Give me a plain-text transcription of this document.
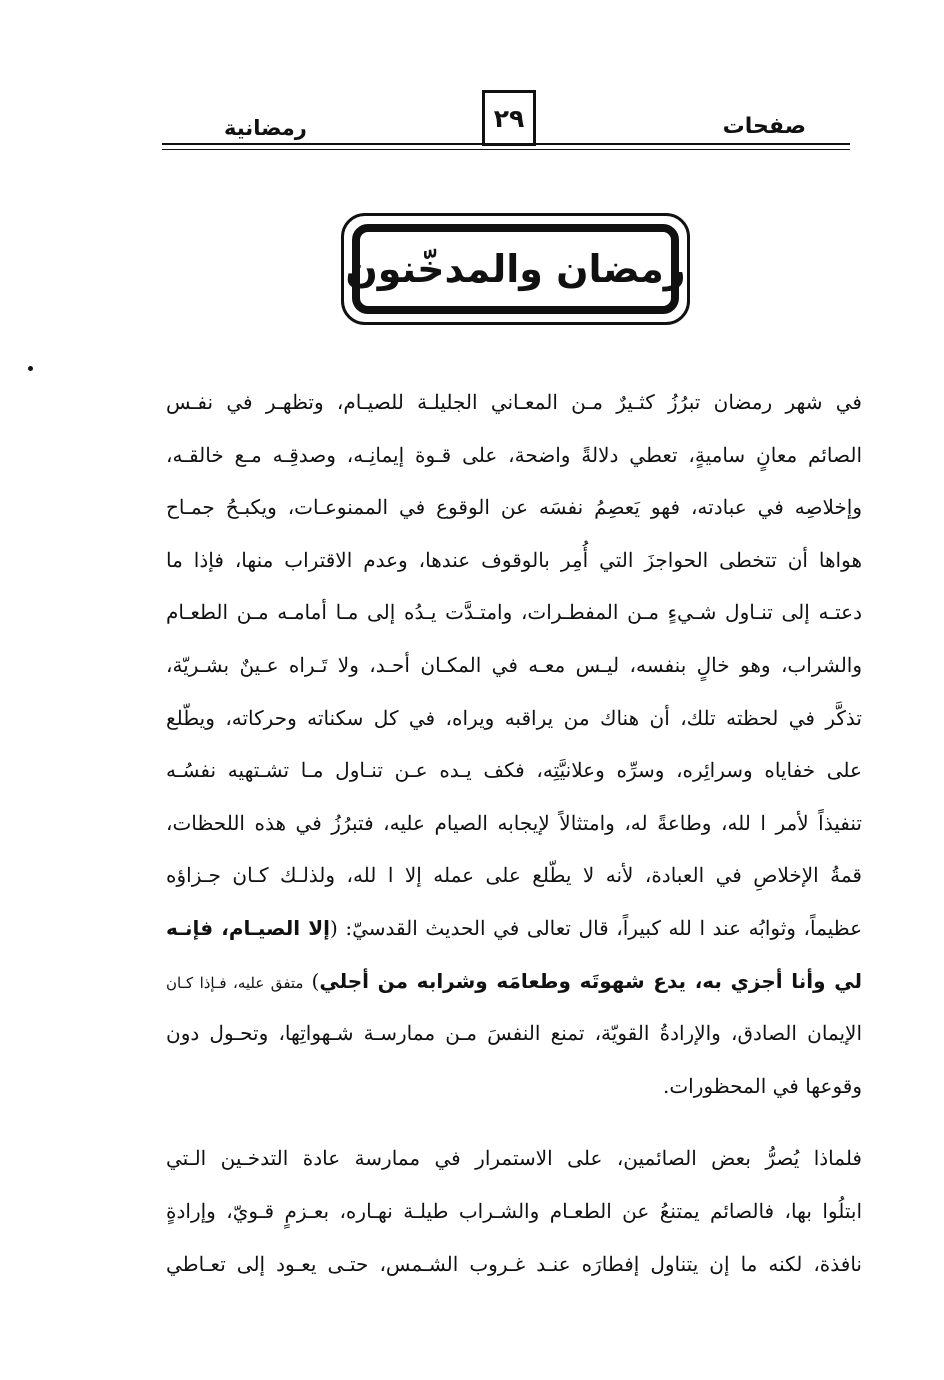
رمضانية	٢٩	صفحات
رمضان والمدخّنون
في شهر رمضان تبرُزُ كثـيرٌ مـن المعـاني الجليلـة للصيـام، وتظهـر في نفـس
الصائم معانٍ ساميةٍ، تعطي دلالةً واضحة، على قـوة إيمانِـه، وصدقِـه مـع خالقـه،
وإخلاصِه في عبادته، فهو يَعصِمُ نفسَه عن الوقوع في الممنوعـات، ويكبـحُ جمـاح
هواها أن تتخطى الحواجزَ التي أُمِر بالوقوف عندها، وعدم الاقتراب منها، فإذا ما
دعتـه إلى تنـاول شـيءٍ مـن المفطـرات، وامتـدَّت يـدُه إلى مـا أمامـه مـن الطعـام
والشراب، وهو خالٍ بنفسه، ليـس معـه في المكـان أحـد، ولا تَـراه عـينٌ بشـريّة،
تذكَّر في لحظته تلك، أن هناك من يراقبه ويراه، في كل سكناته وحركاته، ويطّلع
على خفاياه وسرائِره، وسرِّه وعلانيَّتِه، فكف يـده عـن تنـاول مـا تشـتهيه نفسُـه
تنفيذاً لأمر ا لله، وطاعةً له، وامتثالاً لإيجابه الصيام عليه، فتبرُزُ في هذه اللحظات،
قمةُ الإخلاصِ في العبادة، لأنه لا يطّلع على عمله إلا ا لله، ولذلـك كـان جـزاؤه
عظيماً، وثوابُه عند ا لله كبيراً، قال تعالى في الحديث القدسيّ: (إلا الصيـام، فإنـه
لي وأنا أجزي به، يدع شهوتَه وطعامَه وشرابه من أجلي) متفق عليه، فـإذا كـان
الإيمان الصادق، والإرادةُ القويّة، تمنع النفسَ مـن ممارسـة شـهواتِها، وتحـول دون
وقوعها في المحظورات.
فلماذا يُصرُّ بعض الصائمين، على الاستمرار في ممارسة عادة التدخـين الـتي
ابتلُوا بها، فالصائم يمتنعُ عن الطعـام والشـراب طيلـة نهـاره، بعـزمٍ قـويّ، وإرادةٍ
نافذة، لكنه ما إن يتناول إفطارَه عنـد غـروب الشـمس، حتـى يعـود إلى تعـاطي
